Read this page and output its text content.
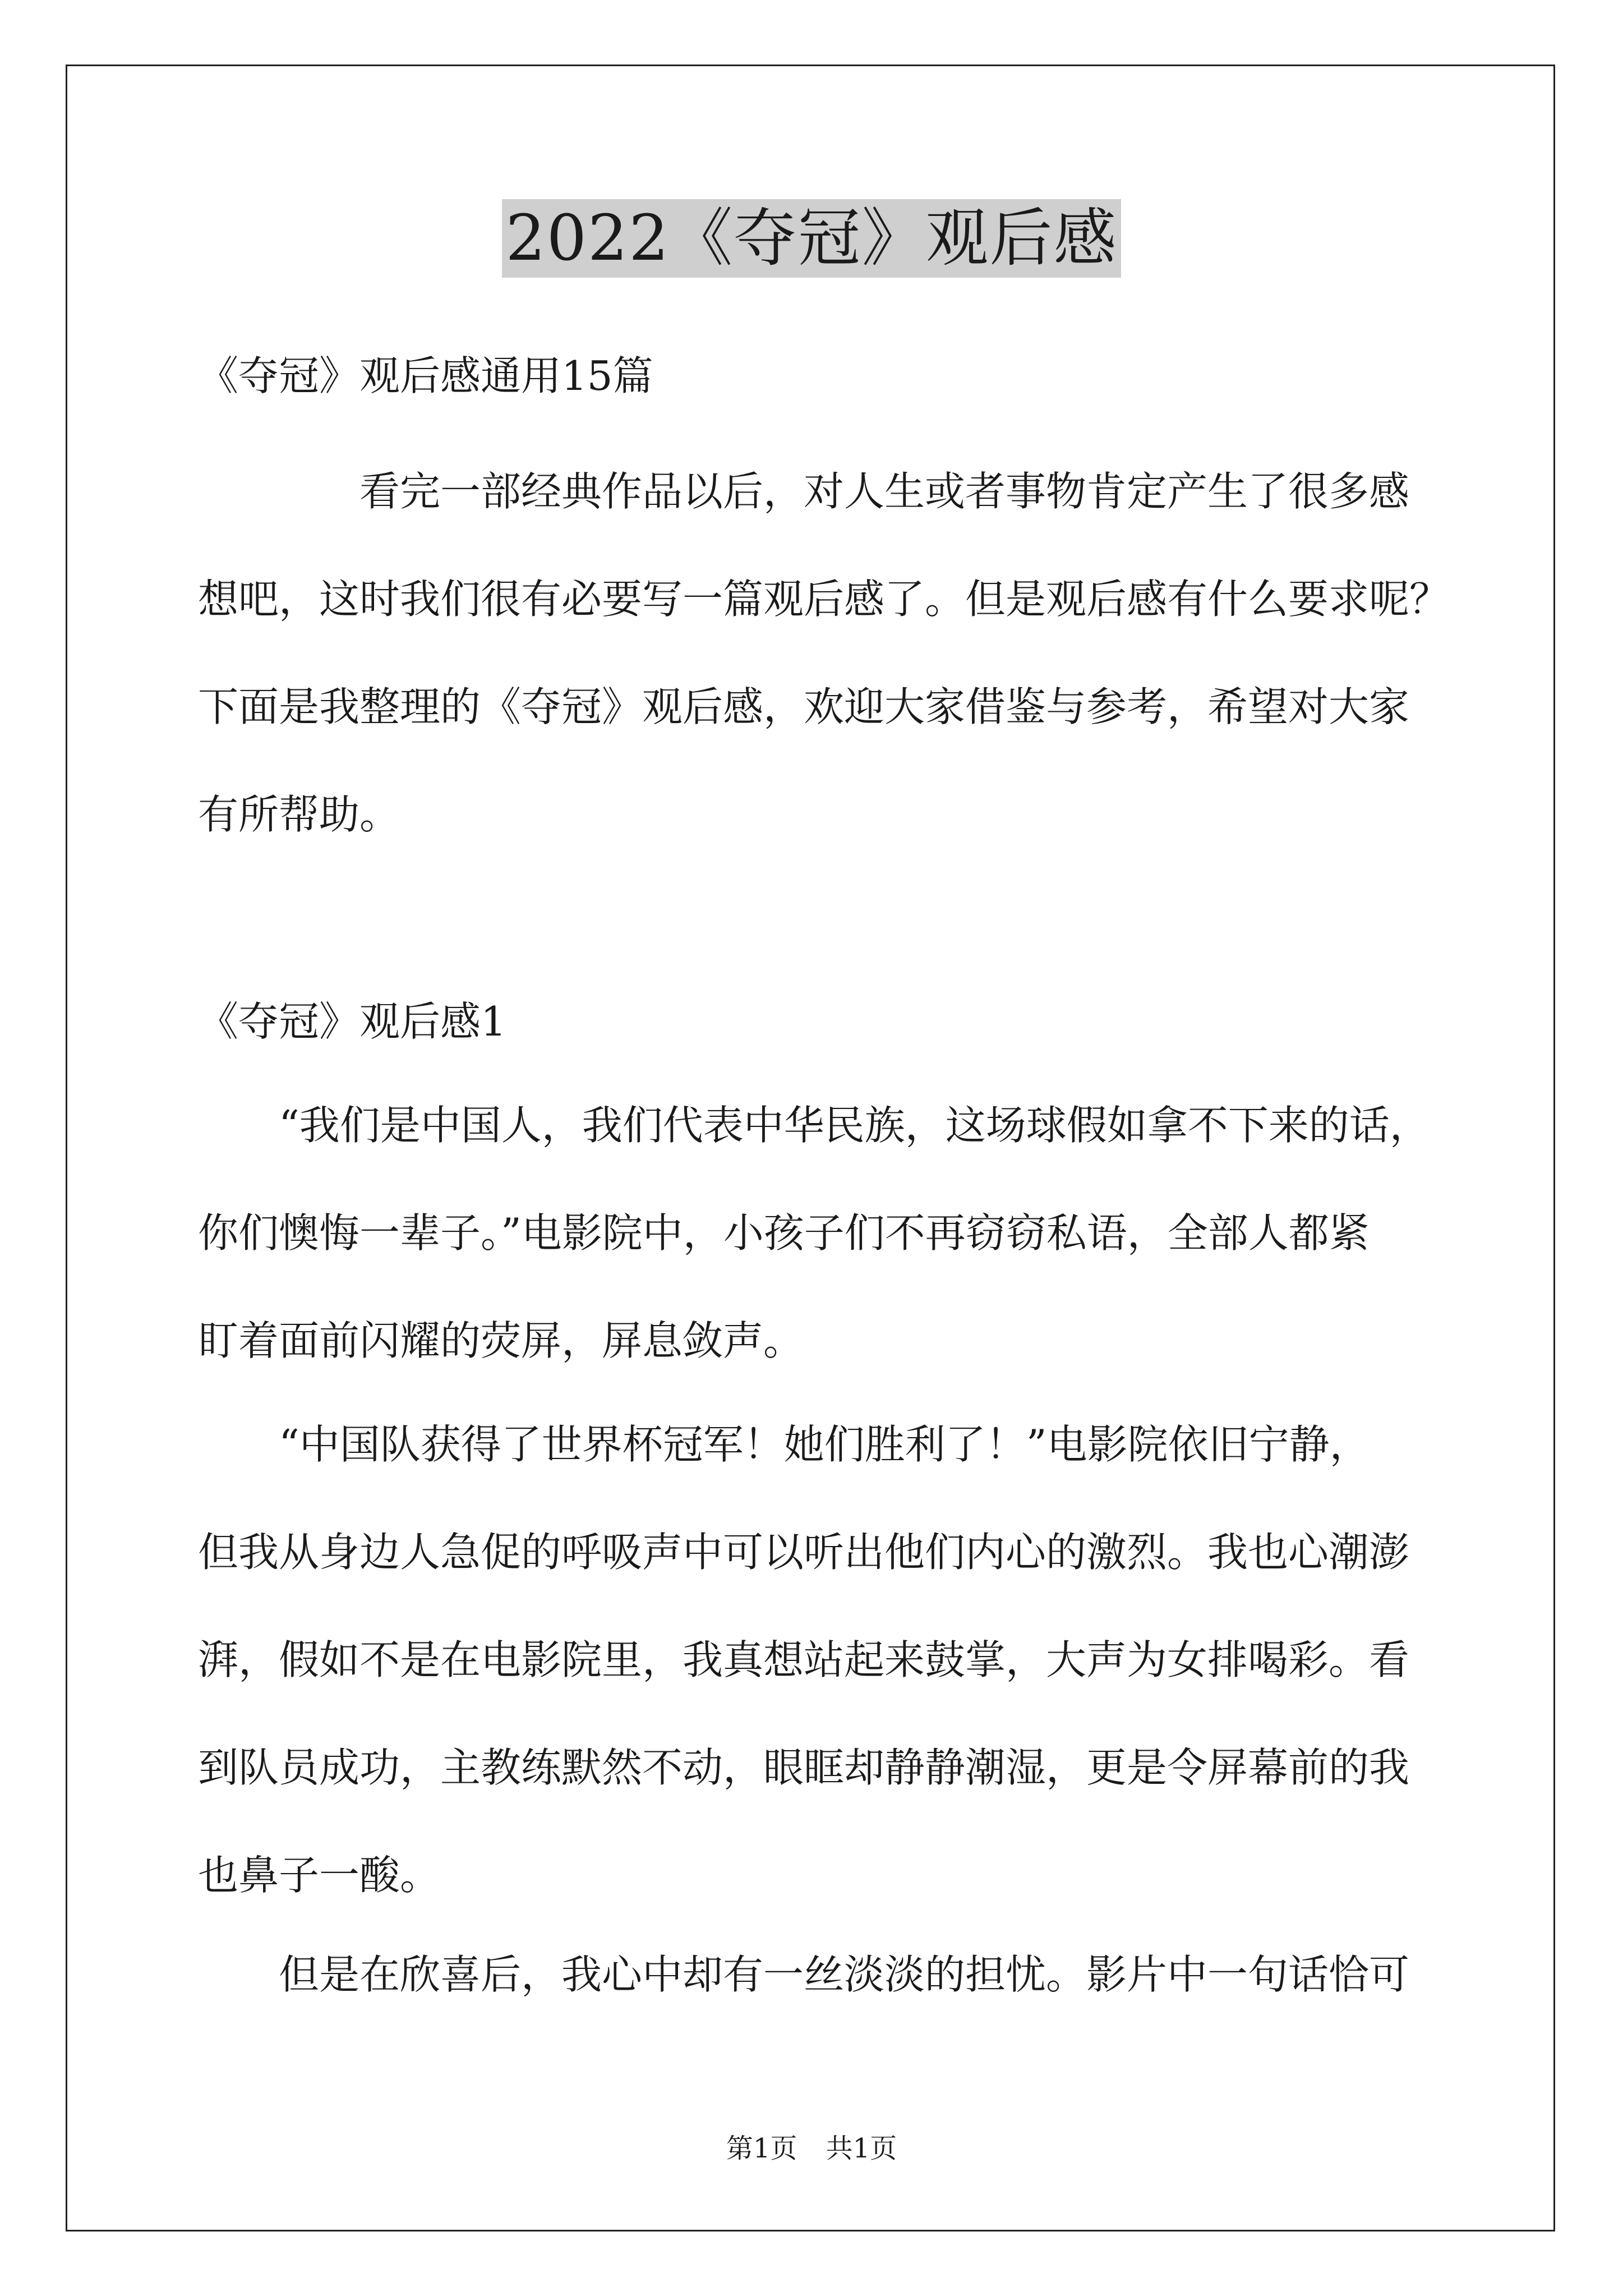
2022《夺冠》观后感
《夺冠》观后感通用15篇
看完一部经典作品以后，对人生或者事物肯定产生了很多感
想吧，这时我们很有必要写一篇观后感了。但是观后感有什么要求呢？
下面是我整理的《夺冠》观后感，欢迎大家借鉴与参考，希望对大家
有所帮助。
《夺冠》观后感1
“我们是中国人，我们代表中华民族，这场球假如拿不下来的话，
你们懊悔一辈子。”电影院中，小孩子们不再窃窃私语，全部人都紧
盯着面前闪耀的荧屏，屏息敛声。
“中国队获得了世界杯冠军！她们胜利了！”电影院依旧宁静，
但我从身边人急促的呼吸声中可以听出他们内心的激烈。我也心潮澎
湃，假如不是在电影院里，我真想站起来鼓掌，大声为女排喝彩。看
到队员成功，主教练默然不动，眼眶却静静潮湿，更是令屏幕前的我
也鼻子一酸。
但是在欣喜后，我心中却有一丝淡淡的担忧。影片中一句话恰可
第1页 共1页
